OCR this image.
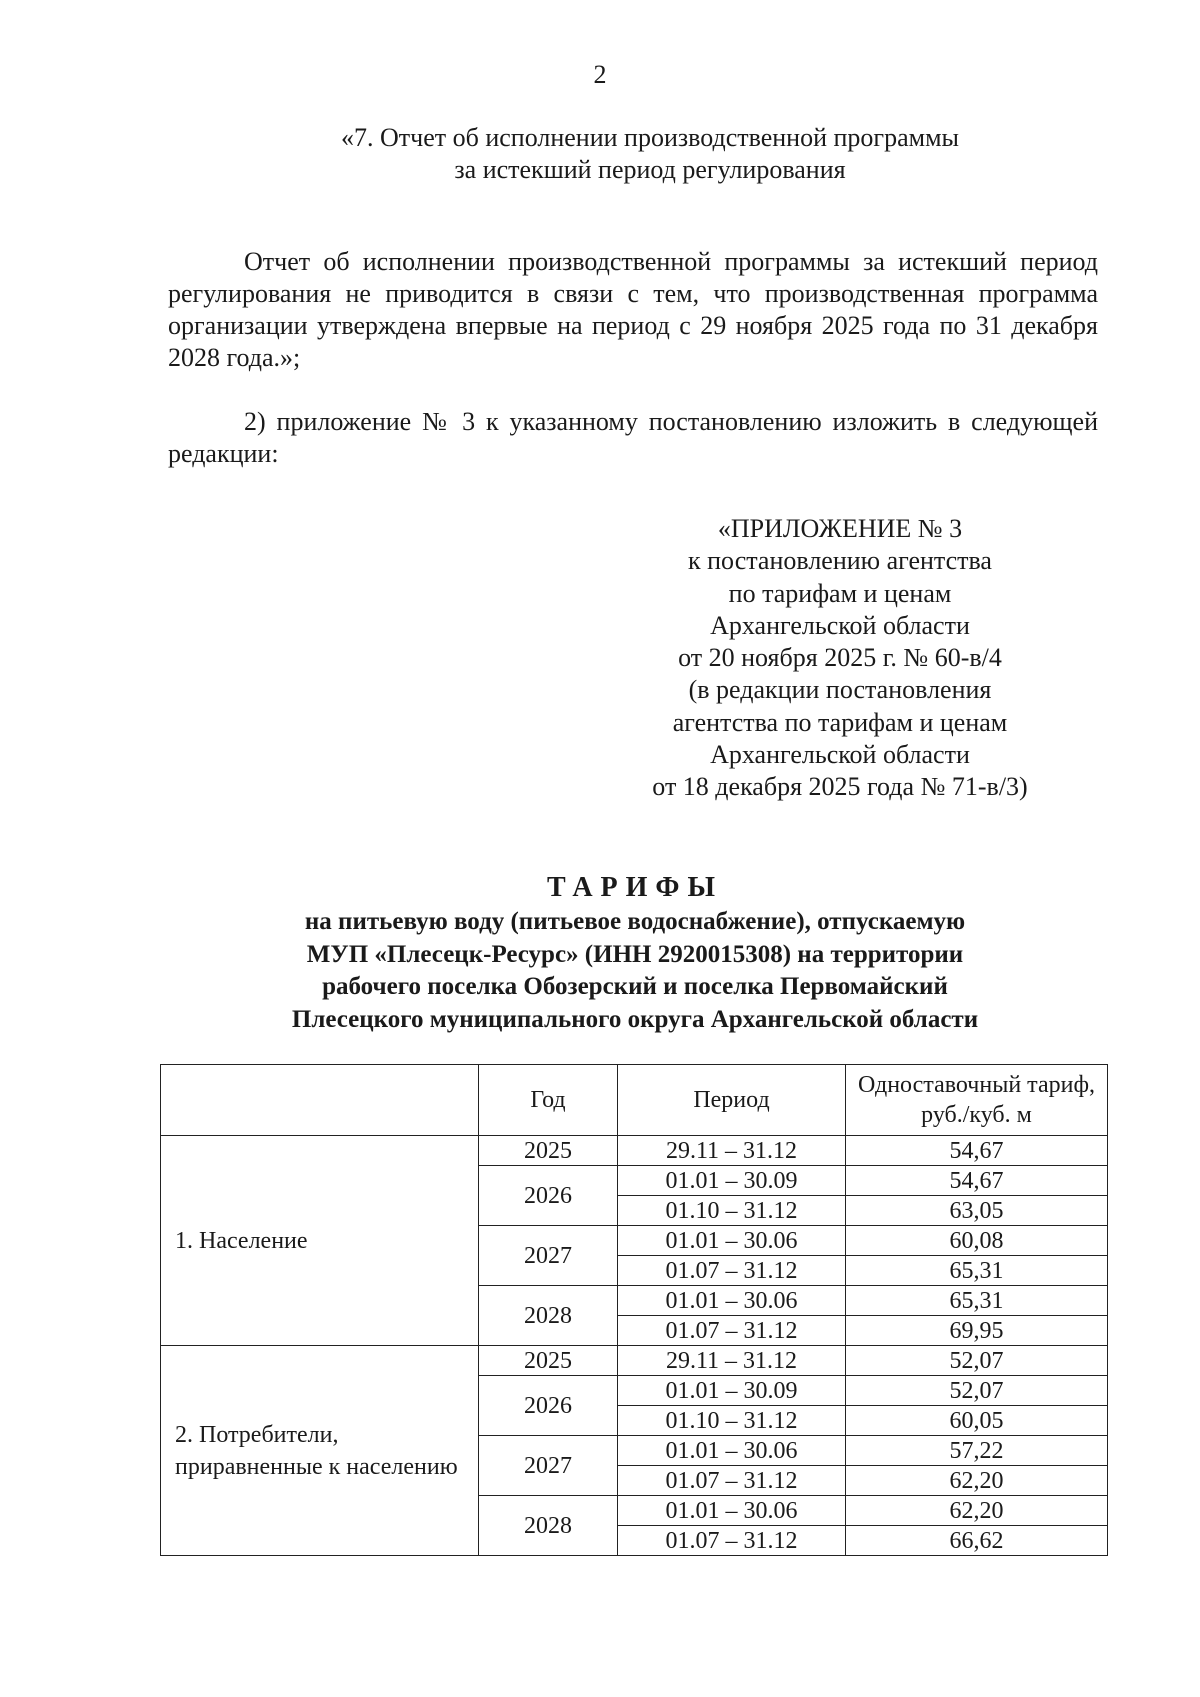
2
«7. Отчет об исполнении производственной программы
за истекший период регулирования

Отчет об исполнении производственной программы за истекший период регулирования не приводится в связи с тем, что производственная программа организации утверждена впервые на период с 29 ноября 2025 года по 31 декабря 2028 года.»;

2) приложение № 3 к указанному постановлению изложить в следующей редакции:

«ПРИЛОЖЕНИЕ № 3
к постановлению агентства
по тарифам и ценам
Архангельской области
от 20 ноября 2025 г. № 60-в/4
(в редакции постановления
агентства по тарифам и ценам
Архангельской области
от 18 декабря 2025 года № 71-в/3)
ТАРИФЫ
на питьевую воду (питьевое водоснабжение), отпускаемую
МУП «Плесецк-Ресурс» (ИНН 2920015308) на территории
рабочего поселка Обозерский и поселка Первомайский
Плесецкого муниципального округа Архангельской области
	Год	Период	Одноставочный тариф,
руб./куб. м
1. Население	2025	29.11 – 31.12	54,67
	2026	01.01 – 30.09	54,67
		01.10 – 31.12	63,05
	2027	01.01 – 30.06	60,08
		01.07 – 31.12	65,31
	2028	01.01 – 30.06	65,31
		01.07 – 31.12	69,95
2. Потребители,
приравненные к населению	2025	29.11 – 31.12	52,07
	2026	01.01 – 30.09	52,07
		01.10 – 31.12	60,05
	2027	01.01 – 30.06	57,22
		01.07 – 31.12	62,20
	2028	01.01 – 30.06	62,20
		01.07 – 31.12	66,62
